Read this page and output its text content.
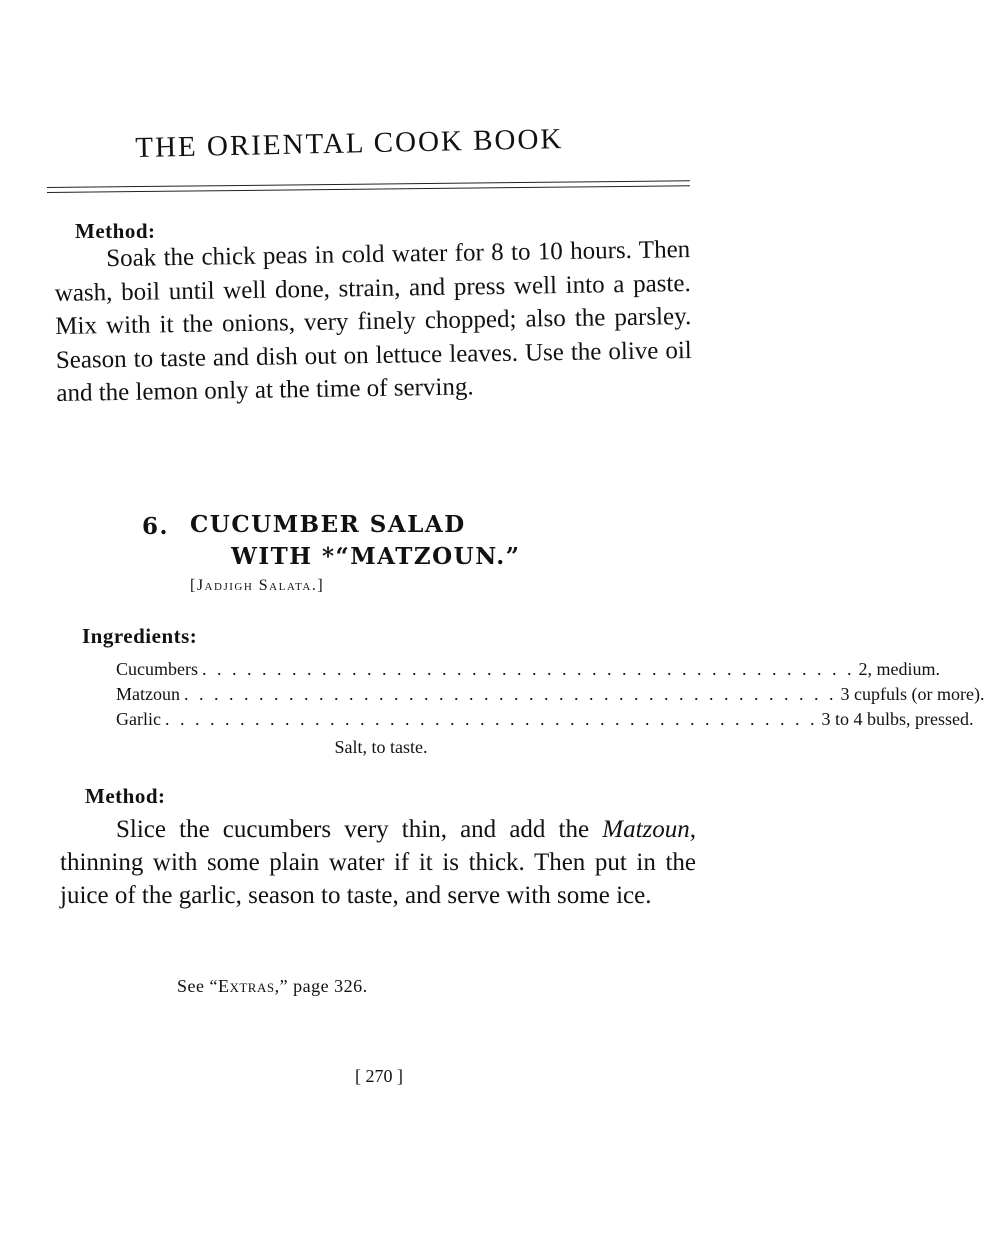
THE ORIENTAL COOK BOOK
Method:

Soak the chick peas in cold water for 8 to 10 hours. Then wash, boil until well done, strain, and press well into a paste. Mix with it the onions, very finely chopped; also the parsley. Season to taste and dish out on lettuce leaves. Use the olive oil and the lemon only at the time of serving.

6. CUCUMBER SALAD
WITH *“MATZOUN.”
[Jadjigh Salata.]
Ingredients:
Cucumbers . . . . . . . . . . . . . . . . . . . . . . . . . . . . . . . . . . . . . . . . . . . . 2, medium.
Matzoun . . . . . . . . . . . . . . . . . . . . . . . . . . . . . . . . . . . . . . . . . . . . 3 cupfuls (or more).
Garlic . . . . . . . . . . . . . . . . . . . . . . . . . . . . . . . . . . . . . . . . . . . . 3 to 4 bulbs, pressed.
Salt, to taste.
Method:

Slice the cucumbers very thin, and add the Matzoun, thinning with some plain water if it is thick. Then put in the juice of the garlic, season to taste, and serve with some ice.

See “Extras,” page 326.
[ 270 ]
